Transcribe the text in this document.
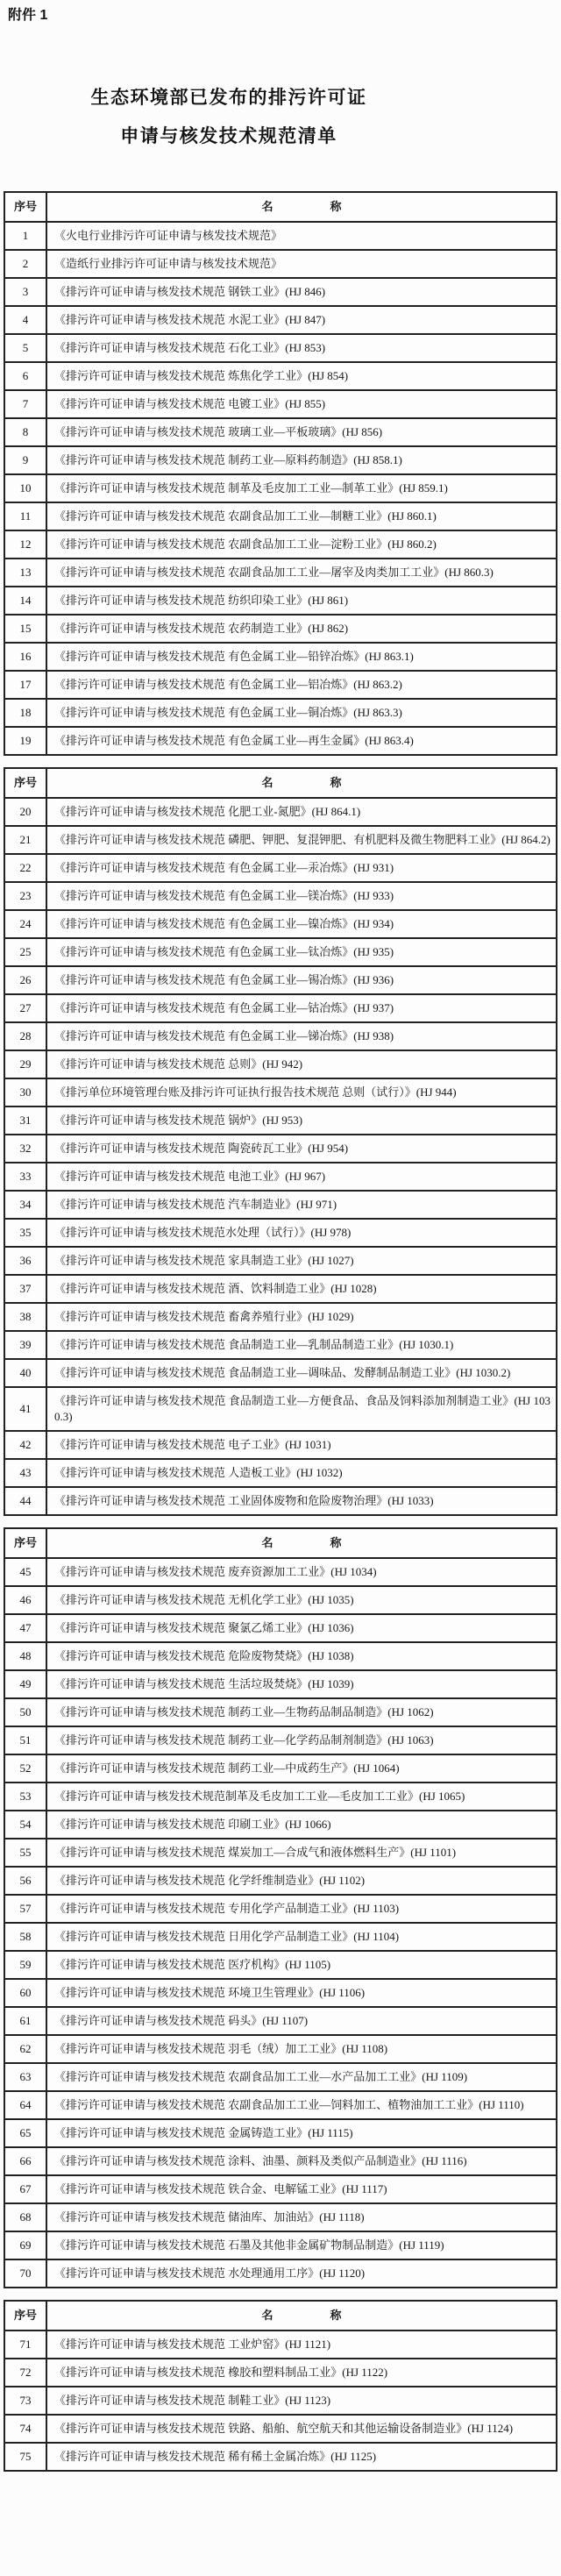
附件 1
生态环境部已发布的排污许可证
申请与核发技术规范清单
序号	名　　　　　称
1	《火电行业排污许可证申请与核发技术规范》
2	《造纸行业排污许可证申请与核发技术规范》
3	《排污许可证申请与核发技术规范 钢铁工业》(HJ 846)
4	《排污许可证申请与核发技术规范 水泥工业》(HJ 847)
5	《排污许可证申请与核发技术规范 石化工业》(HJ 853)
6	《排污许可证申请与核发技术规范 炼焦化学工业》(HJ 854)
7	《排污许可证申请与核发技术规范 电镀工业》(HJ 855)
8	《排污许可证申请与核发技术规范 玻璃工业—平板玻璃》(HJ 856)
9	《排污许可证申请与核发技术规范 制药工业—原料药制造》(HJ 858.1)
10	《排污许可证申请与核发技术规范 制革及毛皮加工工业—制革工业》(HJ 859.1)
11	《排污许可证申请与核发技术规范 农副食品加工工业—制糖工业》(HJ 860.1)
12	《排污许可证申请与核发技术规范 农副食品加工工业—淀粉工业》(HJ 860.2)
13	《排污许可证申请与核发技术规范 农副食品加工工业—屠宰及肉类加工工业》(HJ 860.3)
14	《排污许可证申请与核发技术规范 纺织印染工业》(HJ 861)
15	《排污许可证申请与核发技术规范 农药制造工业》(HJ 862)
16	《排污许可证申请与核发技术规范 有色金属工业—铅锌冶炼》(HJ 863.1)
17	《排污许可证申请与核发技术规范 有色金属工业—铝冶炼》(HJ 863.2)
18	《排污许可证申请与核发技术规范 有色金属工业—铜冶炼》(HJ 863.3)
19	《排污许可证申请与核发技术规范 有色金属工业—再生金属》(HJ 863.4)
序号	名　　　　　称
20	《排污许可证申请与核发技术规范 化肥工业-氮肥》(HJ 864.1)
21	《排污许可证申请与核发技术规范 磷肥、钾肥、复混钾肥、有机肥料及微生物肥料工业》(HJ 864.2)
22	《排污许可证申请与核发技术规范 有色金属工业—汞冶炼》(HJ 931)
23	《排污许可证申请与核发技术规范 有色金属工业—镁冶炼》(HJ 933)
24	《排污许可证申请与核发技术规范 有色金属工业—镍冶炼》(HJ 934)
25	《排污许可证申请与核发技术规范 有色金属工业—钛冶炼》(HJ 935)
26	《排污许可证申请与核发技术规范 有色金属工业—锡冶炼》(HJ 936)
27	《排污许可证申请与核发技术规范 有色金属工业—钴冶炼》(HJ 937)
28	《排污许可证申请与核发技术规范 有色金属工业—锑冶炼》(HJ 938)
29	《排污许可证申请与核发技术规范 总则》(HJ 942)
30	《排污单位环境管理台账及排污许可证执行报告技术规范 总则（试行）》(HJ 944)
31	《排污许可证申请与核发技术规范 锅炉》(HJ 953)
32	《排污许可证申请与核发技术规范 陶瓷砖瓦工业》(HJ 954)
33	《排污许可证申请与核发技术规范 电池工业》(HJ 967)
34	《排污许可证申请与核发技术规范 汽车制造业》(HJ 971)
35	《排污许可证申请与核发技术规范水处理（试行）》(HJ 978)
36	《排污许可证申请与核发技术规范 家具制造工业》(HJ 1027)
37	《排污许可证申请与核发技术规范 酒、饮料制造工业》(HJ 1028)
38	《排污许可证申请与核发技术规范 畜禽养殖行业》(HJ 1029)
39	《排污许可证申请与核发技术规范 食品制造工业—乳制品制造工业》(HJ 1030.1)
40	《排污许可证申请与核发技术规范 食品制造工业—调味品、发酵制品制造工业》(HJ 1030.2)
41	《排污许可证申请与核发技术规范 食品制造工业—方便食品、食品及饲料添加剂制造工业》(HJ 1030.3)
42	《排污许可证申请与核发技术规范 电子工业》(HJ 1031)
43	《排污许可证申请与核发技术规范 人造板工业》(HJ 1032)
44	《排污许可证申请与核发技术规范 工业固体废物和危险废物治理》(HJ 1033)
序号	名　　　　　称
45	《排污许可证申请与核发技术规范 废弃资源加工工业》(HJ 1034)
46	《排污许可证申请与核发技术规范 无机化学工业》(HJ 1035)
47	《排污许可证申请与核发技术规范 聚氯乙烯工业》(HJ 1036)
48	《排污许可证申请与核发技术规范 危险废物焚烧》(HJ 1038)
49	《排污许可证申请与核发技术规范 生活垃圾焚烧》(HJ 1039)
50	《排污许可证申请与核发技术规范 制药工业—生物药品制品制造》(HJ 1062)
51	《排污许可证申请与核发技术规范 制药工业—化学药品制剂制造》(HJ 1063)
52	《排污许可证申请与核发技术规范 制药工业—中成药生产》(HJ 1064)
53	《排污许可证申请与核发技术规范制革及毛皮加工工业—毛皮加工工业》(HJ 1065)
54	《排污许可证申请与核发技术规范 印刷工业》(HJ 1066)
55	《排污许可证申请与核发技术规范 煤炭加工—合成气和液体燃料生产》(HJ 1101)
56	《排污许可证申请与核发技术规范 化学纤维制造业》(HJ 1102)
57	《排污许可证申请与核发技术规范 专用化学产品制造工业》(HJ 1103)
58	《排污许可证申请与核发技术规范 日用化学产品制造工业》(HJ 1104)
59	《排污许可证申请与核发技术规范 医疗机构》(HJ 1105)
60	《排污许可证申请与核发技术规范 环境卫生管理业》(HJ 1106)
61	《排污许可证申请与核发技术规范 码头》(HJ 1107)
62	《排污许可证申请与核发技术规范 羽毛（绒）加工工业》(HJ 1108)
63	《排污许可证申请与核发技术规范 农副食品加工工业—水产品加工工业》(HJ 1109)
64	《排污许可证申请与核发技术规范 农副食品加工工业—饲料加工、植物油加工工业》(HJ 1110)
65	《排污许可证申请与核发技术规范 金属铸造工业》(HJ 1115)
66	《排污许可证申请与核发技术规范 涂料、油墨、颜料及类似产品制造业》(HJ 1116)
67	《排污许可证申请与核发技术规范 铁合金、电解锰工业》(HJ 1117)
68	《排污许可证申请与核发技术规范 储油库、加油站》(HJ 1118)
69	《排污许可证申请与核发技术规范 石墨及其他非金属矿物制品制造》(HJ 1119)
70	《排污许可证申请与核发技术规范 水处理通用工序》(HJ 1120)
序号	名　　　　　称
71	《排污许可证申请与核发技术规范 工业炉窑》(HJ 1121)
72	《排污许可证申请与核发技术规范 橡胶和塑料制品工业》(HJ 1122)
73	《排污许可证申请与核发技术规范 制鞋工业》(HJ 1123)
74	《排污许可证申请与核发技术规范 铁路、船舶、航空航天和其他运输设备制造业》(HJ 1124)
75	《排污许可证申请与核发技术规范 稀有稀土金属冶炼》(HJ 1125)
